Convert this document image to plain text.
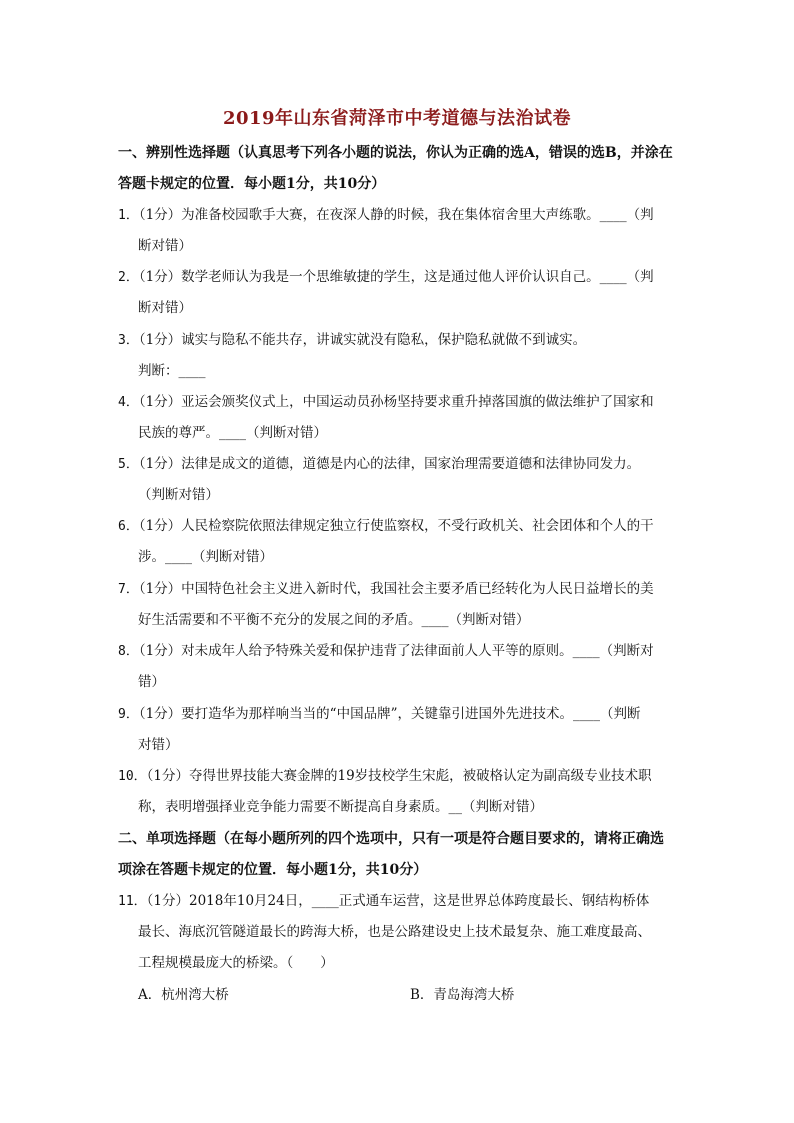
2019年山东省菏泽市中考道德与法治试卷
一、辨别性选择题（认真思考下列各小题的说法，你认为正确的选A，错误的选B，并涂在
答题卡规定的位置．每小题1分，共10分）
1．（1分）为准备校园歌手大赛，在夜深人静的时候，我在集体宿舍里大声练歌。____（判
断对错）
2．（1分）数学老师认为我是一个思维敏捷的学生，这是通过他人评价认识自己。____（判
断对错）
3．（1分）诚实与隐私不能共存，讲诚实就没有隐私，保护隐私就做不到诚实。
判断：____
4．（1分）亚运会颁奖仪式上，中国运动员孙杨坚持要求重升掉落国旗的做法维护了国家和
民族的尊严。____（判断对错）
5．（1分）法律是成文的道德，道德是内心的法律，国家治理需要道德和法律协同发力。
（判断对错）
6．（1分）人民检察院依照法律规定独立行使监察权，不受行政机关、社会团体和个人的干
涉。____（判断对错）
7．（1分）中国特色社会主义进入新时代，我国社会主要矛盾已经转化为人民日益增长的美
好生活需要和不平衡不充分的发展之间的矛盾。____（判断对错）
8．（1分）对未成年人给予特殊关爱和保护违背了法律面前人人平等的原则。____（判断对
错）
9．（1分）要打造华为那样响当当的“中国品牌”，关键靠引进国外先进技术。____（判断
对错）
10．（1分）夺得世界技能大赛金牌的19岁技校学生宋彪，被破格认定为副高级专业技术职
称，表明增强择业竞争能力需要不断提高自身素质。__（判断对错）
二、单项选择题（在每小题所列的四个选项中，只有一项是符合题目要求的，请将正确选
项涂在答题卡规定的位置．每小题1分，共10分）
11．（1分）2018年10月24日，____正式通车运营，这是世界总体跨度最长、钢结构桥体
最长、海底沉管隧道最长的跨海大桥，也是公路建设史上技术最复杂、施工难度最高、
工程规模最庞大的桥梁。（　　）
A．杭州湾大桥	B．青岛海湾大桥
